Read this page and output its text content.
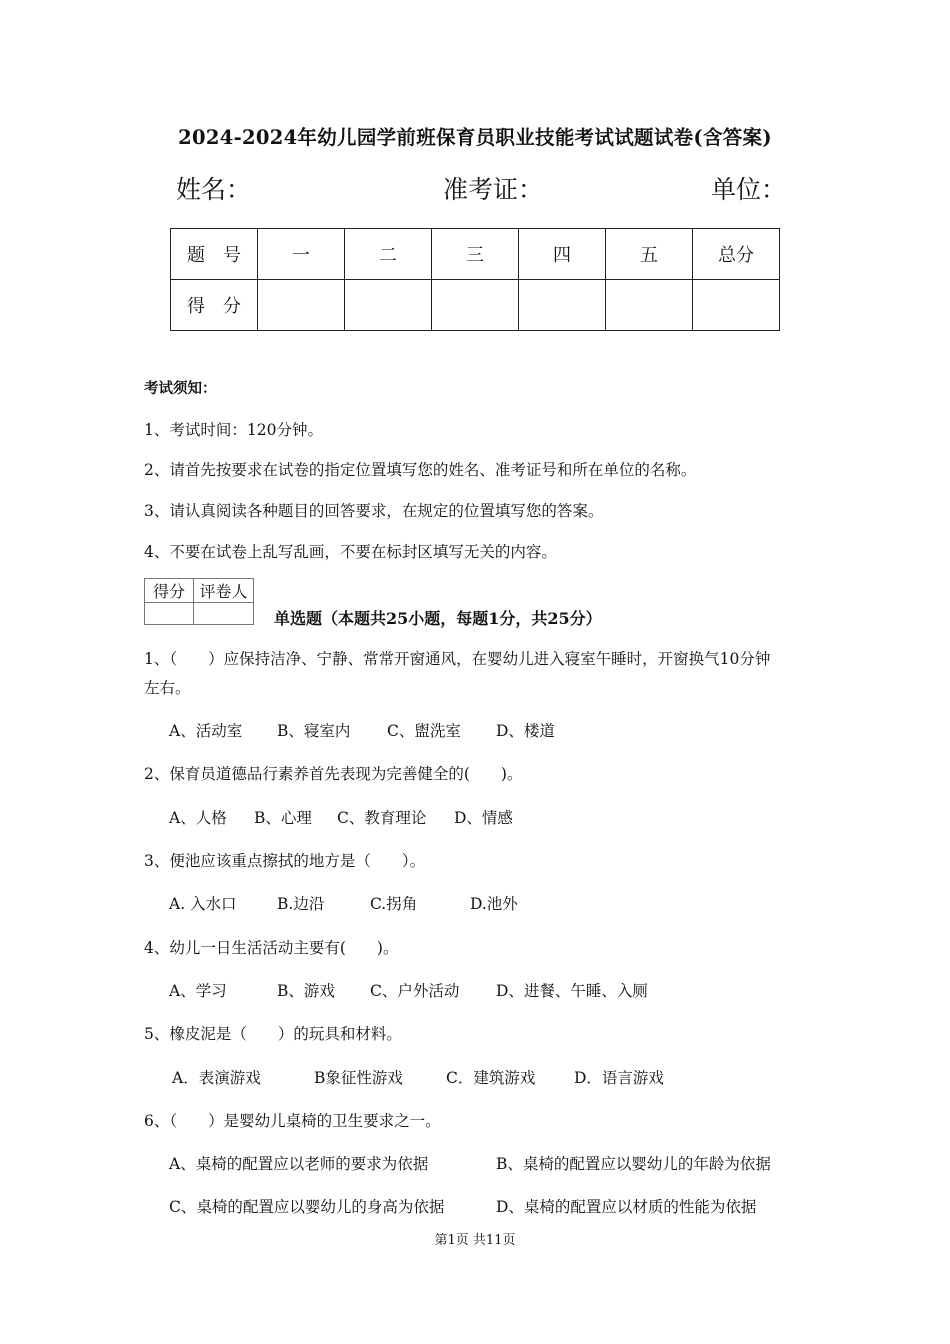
2024-2024年幼儿园学前班保育员职业技能考试试题试卷(含答案)
姓名：	准考证：	单位：
题　号	一	二	三	四	五	总分
得　分						
考试须知：
1、考试时间：120分钟。
2、请首先按要求在试卷的指定位置填写您的姓名、准考证号和所在单位的名称。
3、请认真阅读各种题目的回答要求，在规定的位置填写您的答案。
4、不要在试卷上乱写乱画，不要在标封区填写无关的内容。
得分	评卷人

单选题（本题共25小题，每题1分，共25分）
1、（　　）应保持洁净、宁静、常常开窗通风，在婴幼儿进入寝室午睡时，开窗换气10分钟
左右。
A、活动室 B、寝室内 C、盥洗室 D、楼道
2、保育员道德品行素养首先表现为完善健全的(　　)。
A、人格 B、心理 C、教育理论 D、情感
3、便池应该重点擦拭的地方是（　　）。
A. 入水口	B.边沿	C.拐角	D.池外
4、幼儿一日生活活动主要有(　　)。
A、学习	B、游戏 C、户外活动 D、进餐、午睡、入厕
5、橡皮泥是（　　）的玩具和材料。
A．表演游戏	B象征性游戏	C．建筑游戏 D．语言游戏
6、（　　）是婴幼儿桌椅的卫生要求之一。
A、桌椅的配置应以老师的要求为依据	B、桌椅的配置应以婴幼儿的年龄为依据
C、桌椅的配置应以婴幼儿的身高为依据	D、桌椅的配置应以材质的性能为依据
第1页 共11页
